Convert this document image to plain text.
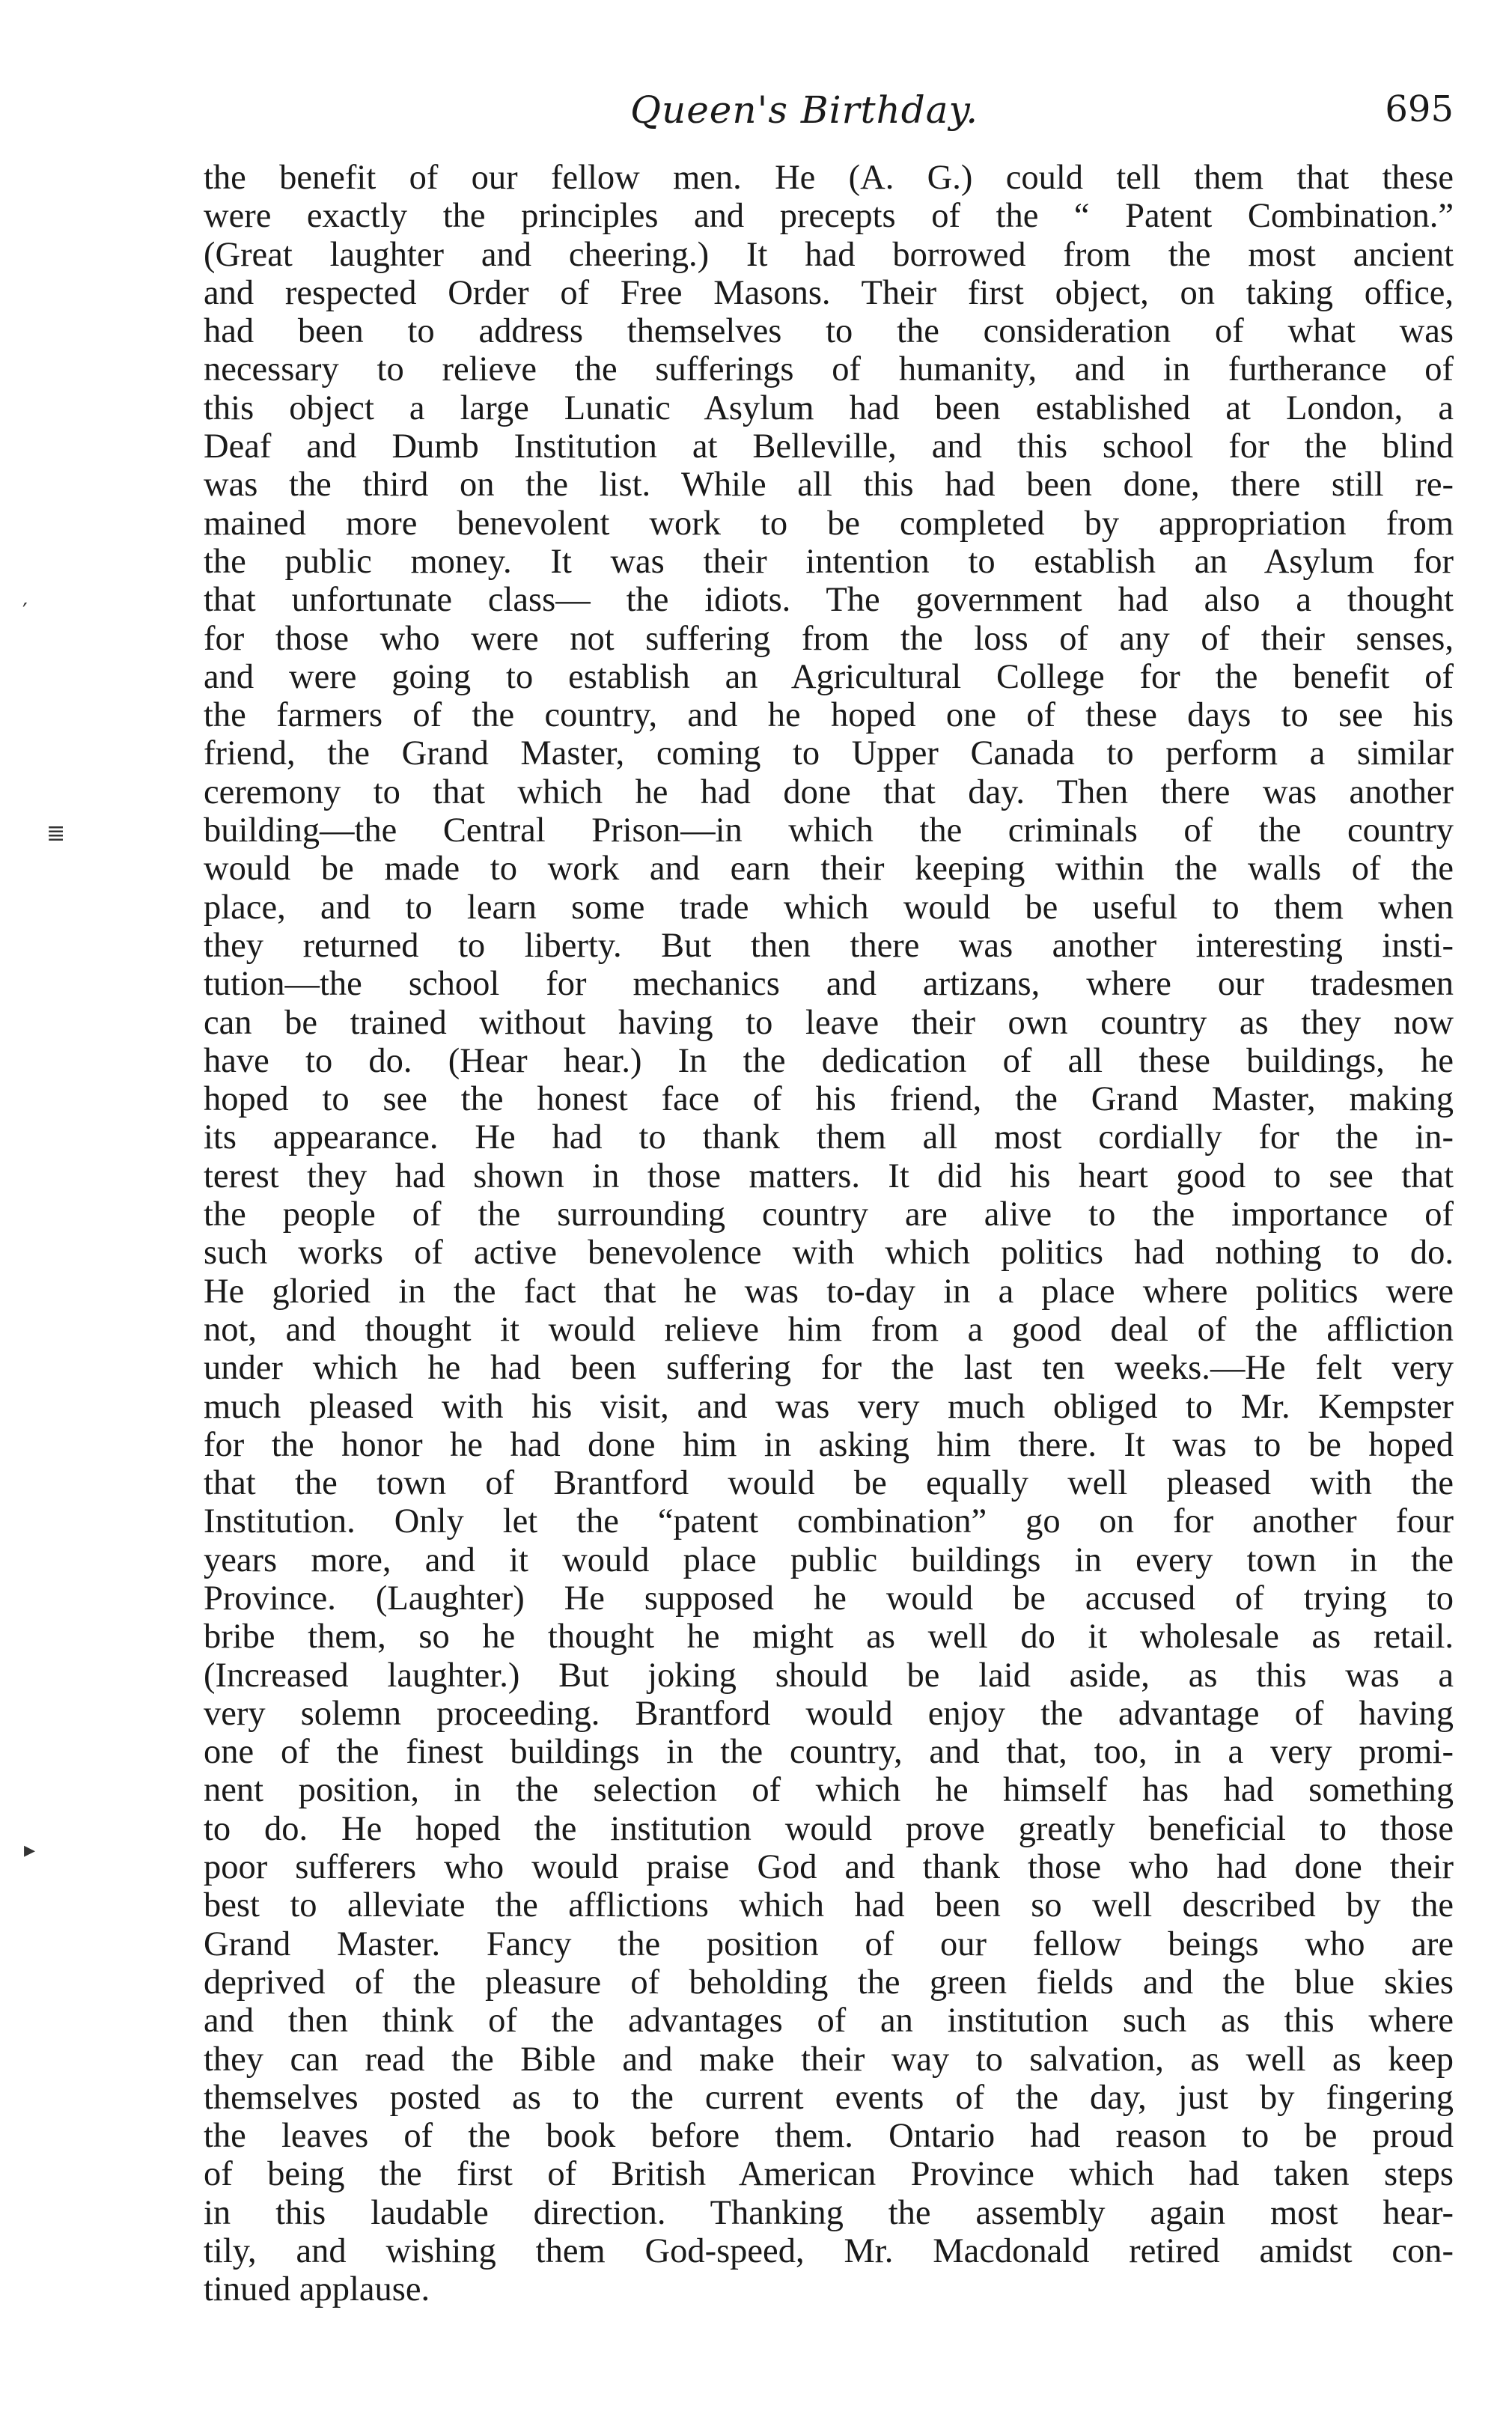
Queen's Birthday.	695
′
≣
▸
the benefit of our fellow men. He (A. G.) could tell them that these
were exactly the principles and precepts of the “ Patent Combination.”
(Great laughter and cheering.) It had borrowed from the most ancient
and respected Order of Free Masons. Their first object, on taking office,
had been to address themselves to the consideration of what was
necessary to relieve the sufferings of humanity, and in furtherance of
this object a large Lunatic Asylum had been established at London, a
Deaf and Dumb Institution at Belleville, and this school for the blind
was the third on the list. While all this had been done, there still re-
mained more benevolent work to be completed by appropriation from
the public money. It was their intention to establish an Asylum for
that unfortunate class— the idiots. The government had also a thought
for those who were not suffering from the loss of any of their senses,
and were going to establish an Agricultural College for the benefit of
the farmers of the country, and he hoped one of these days to see his
friend, the Grand Master, coming to Upper Canada to perform a similar
ceremony to that which he had done that day. Then there was another
building—the Central Prison—in which the criminals of the country
would be made to work and earn their keeping within the walls of the
place, and to learn some trade which would be useful to them when
they returned to liberty. But then there was another interesting insti-
tution—the school for mechanics and artizans, where our tradesmen
can be trained without having to leave their own country as they now
have to do. (Hear hear.) In the dedication of all these buildings, he
hoped to see the honest face of his friend, the Grand Master, making
its appearance. He had to thank them all most cordially for the in-
terest they had shown in those matters. It did his heart good to see that
the people of the surrounding country are alive to the importance of
such works of active benevolence with which politics had nothing to do.
He gloried in the fact that he was to-day in a place where politics were
not, and thought it would relieve him from a good deal of the affliction
under which he had been suffering for the last ten weeks.—He felt very
much pleased with his visit, and was very much obliged to Mr. Kempster
for the honor he had done him in asking him there. It was to be hoped
that the town of Brantford would be equally well pleased with the
Institution. Only let the “patent combination” go on for another four
years more, and it would place public buildings in every town in the
Province. (Laughter) He supposed he would be accused of trying to
bribe them, so he thought he might as well do it wholesale as retail.
(Increased laughter.) But joking should be laid aside, as this was a
very solemn proceeding. Brantford would enjoy the advantage of having
one of the finest buildings in the country, and that, too, in a very promi-
nent position, in the selection of which he himself has had something
to do. He hoped the institution would prove greatly beneficial to those
poor sufferers who would praise God and thank those who had done their
best to alleviate the afflictions which had been so well described by the
Grand Master. Fancy the position of our fellow beings who are
deprived of the pleasure of beholding the green fields and the blue skies
and then think of the advantages of an institution such as this where
they can read the Bible and make their way to salvation, as well as keep
themselves posted as to the current events of the day, just by fingering
the leaves of the book before them. Ontario had reason to be proud
of being the first of British American Province which had taken steps
in this laudable direction. Thanking the assembly again most hear-
tily, and wishing them God-speed, Mr. Macdonald retired amidst con-
tinued applause.
